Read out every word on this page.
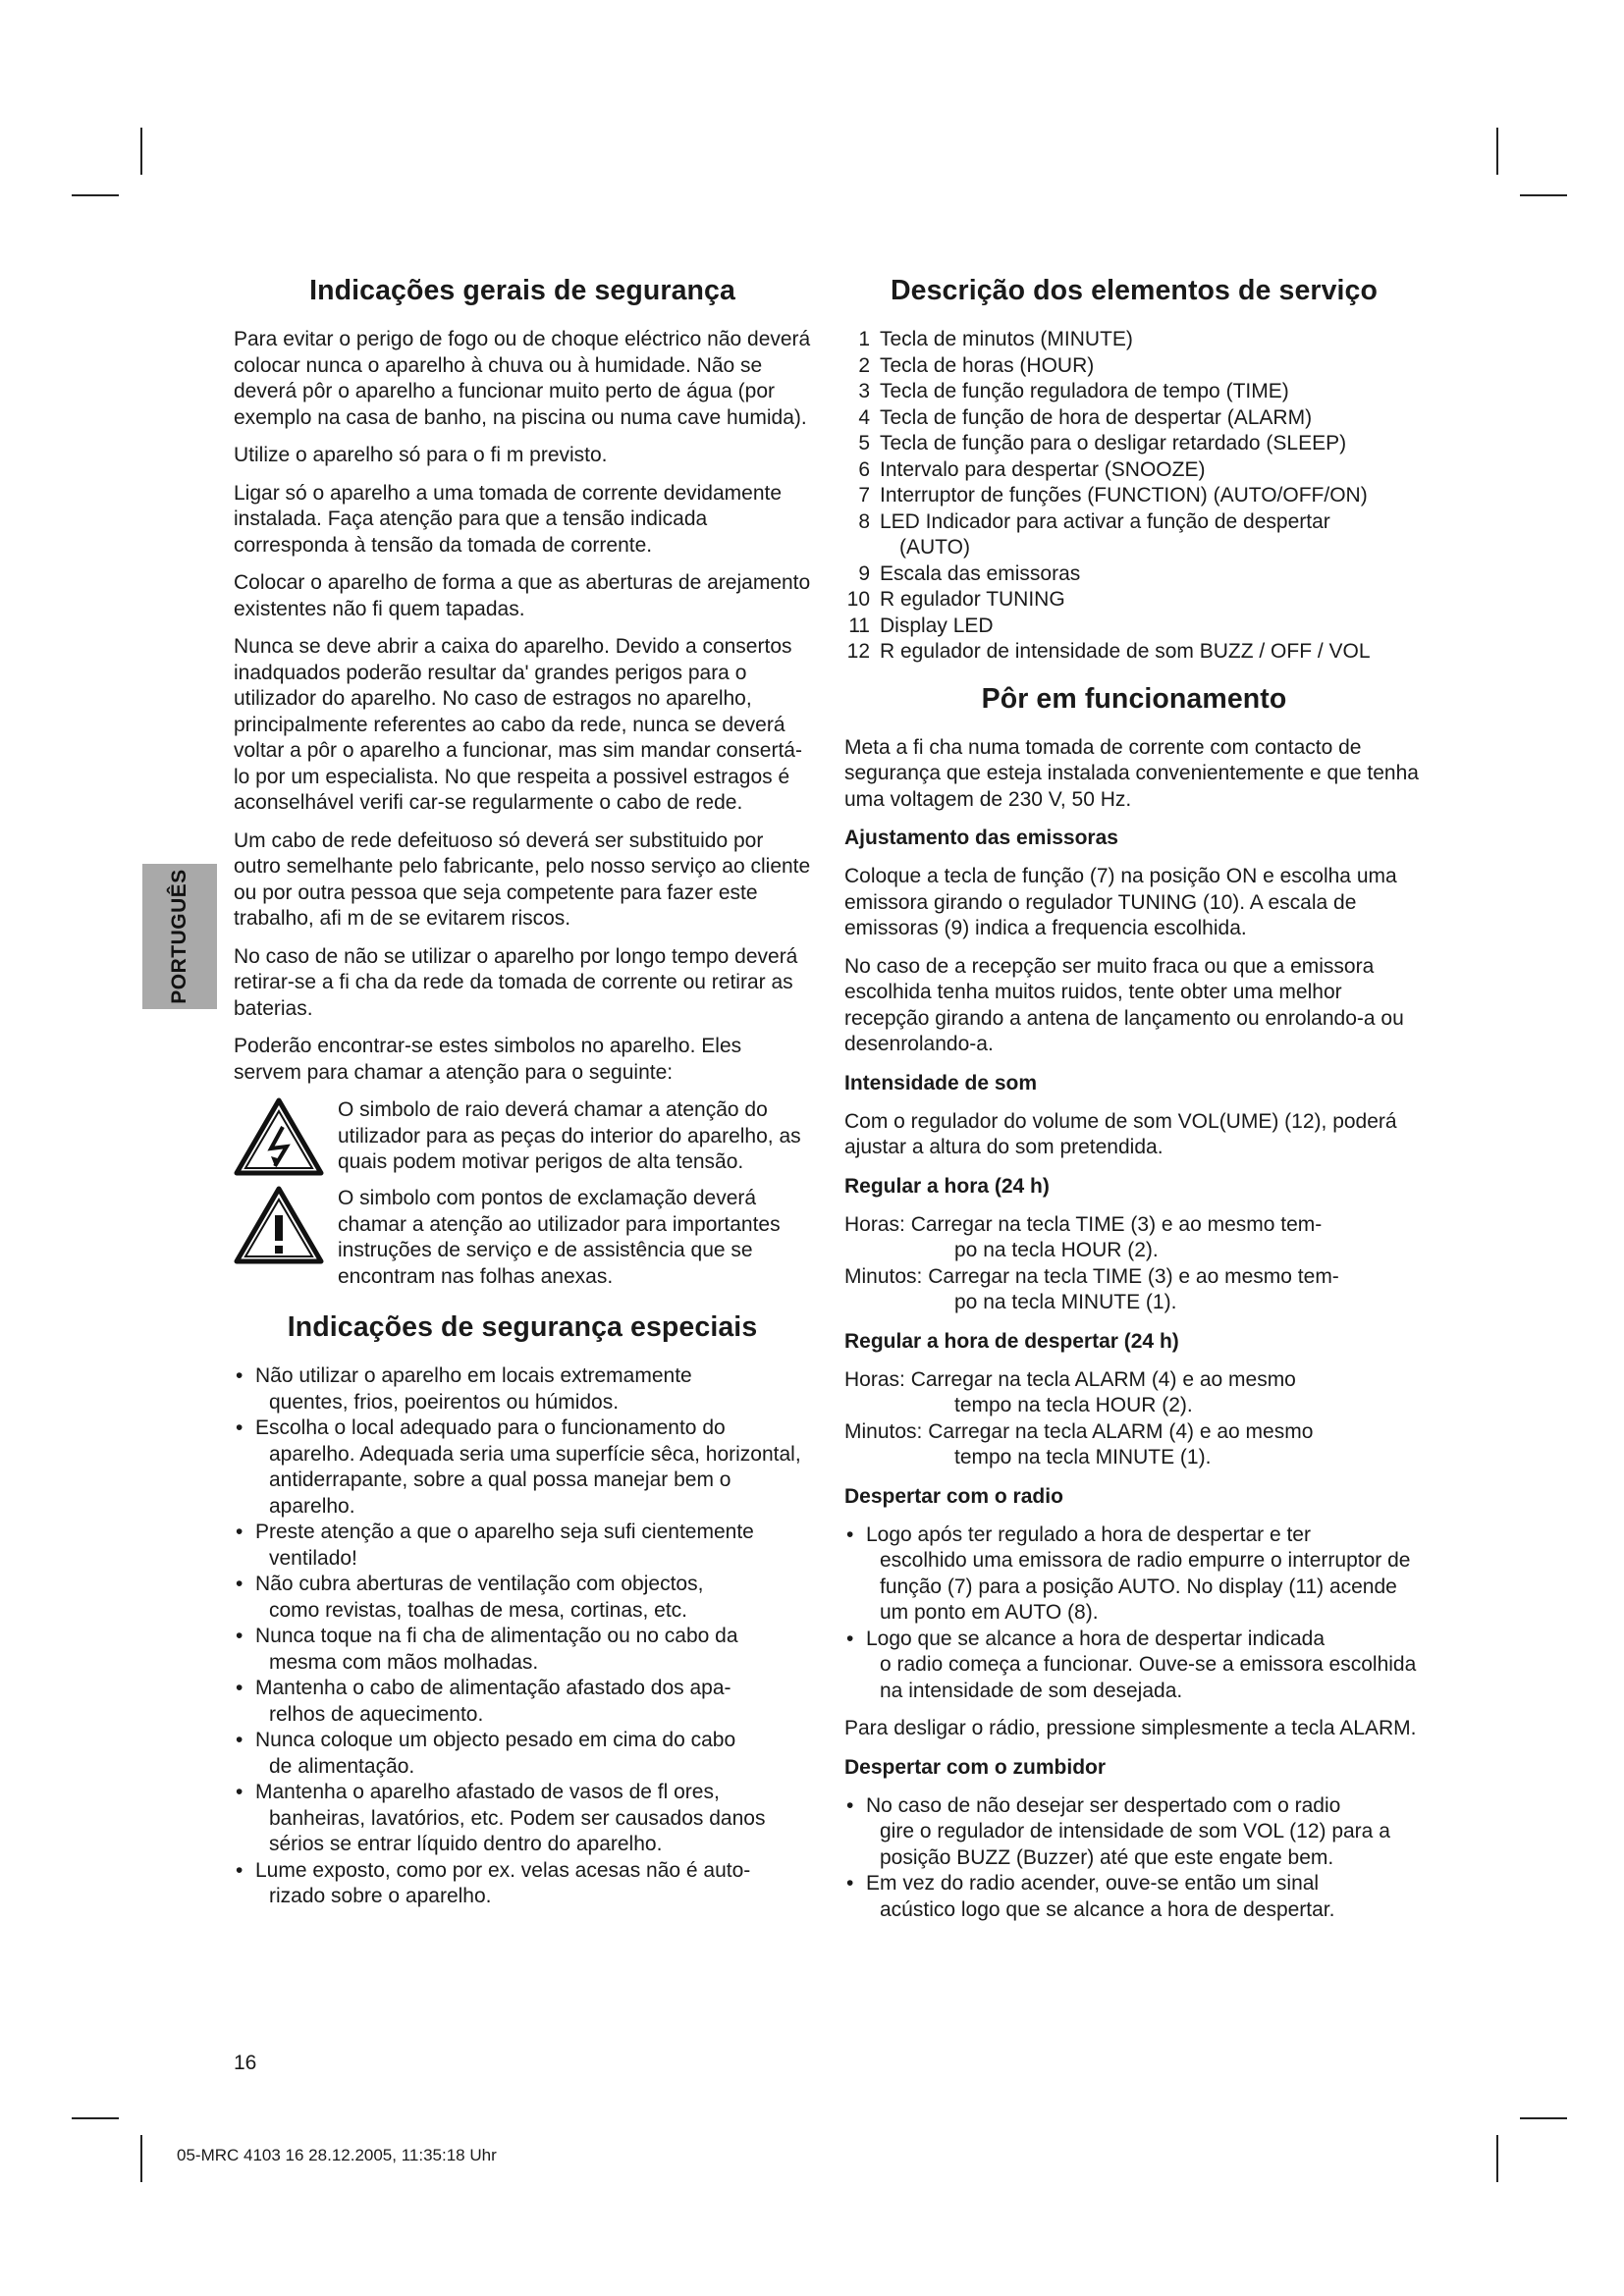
PORTUGUÊS
Indicações gerais de segurança

Para evitar o perigo de fogo ou de choque eléctrico não deverá colocar nunca o aparelho à chuva ou à humidade. Não se deverá pôr o aparelho a funcionar muito perto de água (por exemplo na casa de banho, na piscina ou numa cave humida).

Utilize o aparelho só para o fi m previsto.

Ligar só o aparelho a uma tomada de corrente devidamente instalada. Faça atenção para que a tensão indicada corresponda à tensão da tomada de corrente.

Colocar o aparelho de forma a que as aberturas de arejamento existentes não fi quem tapadas.

Nunca se deve abrir a caixa do aparelho. Devido a consertos inadquados poderão resultar da' grandes perigos para o utilizador do aparelho. No caso de estragos no aparelho, principalmente referentes ao cabo da rede, nunca se deverá voltar a pôr o aparelho a funcionar, mas sim mandar consertá-lo por um especialista. No que respeita a possivel estragos é aconselhável verifi car-se regularmente o cabo de rede.

Um cabo de rede defeituoso só deverá ser substituido por outro semelhante pelo fabricante, pelo nosso serviço ao cliente ou por outra pessoa que seja competente para fazer este trabalho, afi m de se evitarem riscos.

No caso de não se utilizar o aparelho por longo tempo deverá retirar-se a fi cha da rede da tomada de corrente ou retirar as baterias.

Poderão encontrar-se estes simbolos no aparelho. Eles servem para chamar a atenção para o seguinte:

O simbolo de raio deverá chamar a atenção do utilizador para as peças do interior do aparelho, as quais podem motivar perigos de alta tensão.

O simbolo com pontos de exclamação deverá chamar a atenção ao utilizador para importantes instruções de serviço e de assistência que se encontram nas folhas anexas.

Indicações de segurança especiais
• Não utilizar o aparelho em locais extremamente
quentes, frios, poeirentos ou húmidos.
• Escolha o local adequado para o funcionamento do
aparelho. Adequada seria uma superfície sêca, horizontal, antiderrapante, sobre a qual possa manejar bem o aparelho.
• Preste atenção a que o aparelho seja sufi cientemente
ventilado!
• Não cubra aberturas de ventilação com objectos,
como revistas, toalhas de mesa, cortinas, etc.
• Nunca toque na fi cha de alimentação ou no cabo da
mesma com mãos molhadas.
• Mantenha o cabo de alimentação afastado dos apa-
relhos de aquecimento.
• Nunca coloque um objecto pesado em cima do cabo
de alimentação.
• Mantenha o aparelho afastado de vasos de fl ores,
banheiras, lavatórios, etc. Podem ser causados danos sérios se entrar líquido dentro do aparelho.
• Lume exposto, como por ex. velas acesas não é auto-
rizado sobre o aparelho.
Descrição dos elementos de serviço
1 Tecla de minutos (MINUTE)
2 Tecla de horas (HOUR)
3 Tecla de função reguladora de tempo (TIME)
4 Tecla de função de hora de despertar (ALARM)
5 Tecla de função para o desligar retardado (SLEEP)
6 Intervalo para despertar (SNOOZE)
7 Interruptor de funções (FUNCTION) (AUTO/OFF/ON)
8 LED Indicador para activar a função de despertar
(AUTO)
9 Escala das emissoras
10 R egulador TUNING
11 Display LED
12 R egulador de intensidade de som BUZZ / OFF / VOL
Pôr em funcionamento

Meta a fi cha numa tomada de corrente com contacto de segurança que esteja instalada convenientemente e que tenha uma voltagem de 230 V, 50 Hz.

Ajustamento das emissoras

Coloque a tecla de função (7) na posição ON e escolha uma emissora girando o regulador TUNING (10). A escala de emissoras (9) indica a frequencia escolhida.

No caso de a recepção ser muito fraca ou que a emissora escolhida tenha muitos ruidos, tente obter uma melhor recepção girando a antena de lançamento ou enrolando-a ou desenrolando-a.

Intensidade de som

Com o regulador do volume de som VOL(UME) (12), poderá ajustar a altura do som pretendida.

Regular a hora (24 h)
Horas: Carregar na tecla TIME (3) e ao mesmo tem-
po na tecla HOUR (2).
Minutos: Carregar na tecla TIME (3) e ao mesmo tem-
po na tecla MINUTE (1).
Regular a hora de despertar (24 h)
Horas: Carregar na tecla ALARM (4) e ao mesmo
tempo na tecla HOUR (2).
Minutos: Carregar na tecla ALARM (4) e ao mesmo
tempo na tecla MINUTE (1).
Despertar com o radio
• Logo após ter regulado a hora de despertar e ter
escolhido uma emissora de radio empurre o interruptor de função (7) para a posição AUTO. No display (11) acende um ponto em AUTO (8).
• Logo que se alcance a hora de despertar indicada
o radio começa a funcionar. Ouve-se a emissora escolhida na intensidade de som desejada.

Para desligar o rádio, pressione simplesmente a tecla ALARM.

Despertar com o zumbidor
• No caso de não desejar ser despertado com o radio
gire o regulador de intensidade de som VOL (12) para a posição BUZZ (Buzzer) até que este engate bem.
• Em vez do radio acender, ouve-se então um sinal
acústico logo que se alcance a hora de despertar.
16
05-MRC 4103 16 28.12.2005, 11:35:18 Uhr
